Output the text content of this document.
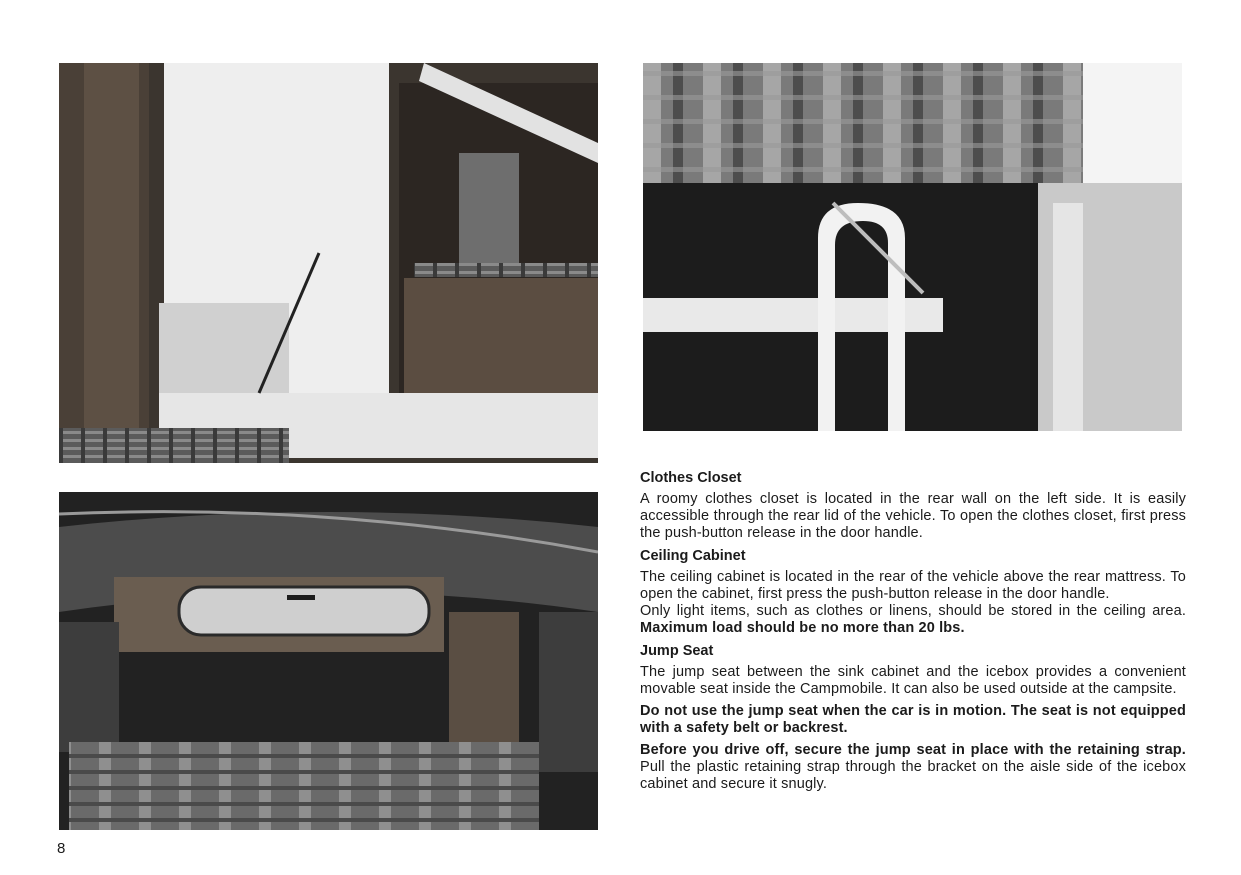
Clothes Closet

A roomy clothes closet is located in the rear wall on the left side. It is easily accessible through the rear lid of the vehicle. To open the clothes closet, first press the push-button release in the door handle.

Ceiling Cabinet

The ceiling cabinet is located in the rear of the vehicle above the rear mattress. To open the cabinet, first press the push-button release in the door handle.

Only light items, such as clothes or linens, should be stored in the ceiling area. Maximum load should be no more than 20 lbs.

Jump Seat

The jump seat between the sink cabinet and the icebox provides a convenient movable seat inside the Campmobile. It can also be used outside at the campsite.

Do not use the jump seat when the car is in motion. The seat is not equipped with a safety belt or backrest.

Before you drive off, secure the jump seat in place with the retaining strap. Pull the plastic retaining strap through the bracket on the aisle side of the icebox cabinet and secure it snugly.

8
